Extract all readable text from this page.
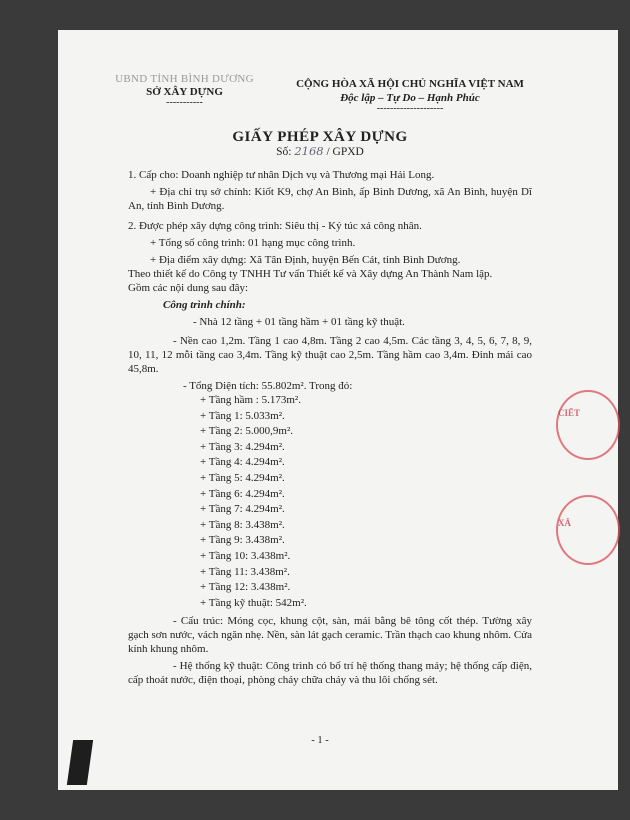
CIẾT
XÂ
UBND TỈNH BÌNH DƯƠNG
SỞ XÂY DỰNG
-----------
CỘNG HÒA XÃ HỘI CHỦ NGHĨA VIỆT NAM
Độc lập – Tự Do – Hạnh Phúc
--------------------
GIẤY PHÉP XÂY DỰNG
Số: 2168 / GPXD

1. Cấp cho: Doanh nghiệp tư nhân Dịch vụ và Thương mại Hải Long.

+ Địa chỉ trụ sở chính: Kiốt K9, chợ An Bình, ấp Bình Dương, xã An Bình, huyện Dĩ An, tỉnh Bình Dương.

2. Được phép xây dựng công trình: Siêu thị - Ký túc xá công nhân.

+ Tổng số công trình: 01 hạng mục công trình.

+ Địa điểm xây dựng: Xã Tân Định, huyện Bến Cát, tỉnh Bình Dương.

Theo thiết kế do Công ty TNHH Tư vấn Thiết kế và Xây dựng An Thành Nam lập.

Gồm các nội dung sau đây:

Công trình chính:

- Nhà 12 tầng + 01 tầng hầm + 01 tầng kỹ thuật.

- Nền cao 1,2m. Tầng 1 cao 4,8m. Tầng 2 cao 4,5m. Các tầng 3, 4, 5, 6, 7, 8, 9, 10, 11, 12 mỗi tầng cao 3,4m. Tầng kỹ thuật cao 2,5m. Tầng hầm cao 3,4m. Đỉnh mái cao 45,8m.

- Tổng Diện tích: 55.802m². Trong đó:

+ Tầng hầm : 5.173m².
+ Tầng 1: 5.033m².
+ Tầng 2: 5.000,9m².
+ Tầng 3: 4.294m².
+ Tầng 4: 4.294m².
+ Tầng 5: 4.294m².
+ Tầng 6: 4.294m².
+ Tầng 7: 4.294m².
+ Tầng 8: 3.438m².
+ Tầng 9: 3.438m².
+ Tầng 10: 3.438m².
+ Tầng 11: 3.438m².
+ Tầng 12: 3.438m².
+ Tầng kỹ thuật: 542m².

- Cấu trúc: Móng cọc, khung cột, sàn, mái bằng bê tông cốt thép. Tường xây gạch sơn nước, vách ngăn nhẹ. Nền, sàn lát gạch ceramic. Trần thạch cao khung nhôm. Cửa kính khung nhôm.

- Hệ thống kỹ thuật: Công trình có bố trí hệ thống thang máy; hệ thống cấp điện, cấp thoát nước, điện thoại, phòng cháy chữa cháy và thu lôi chống sét.

- 1 -
